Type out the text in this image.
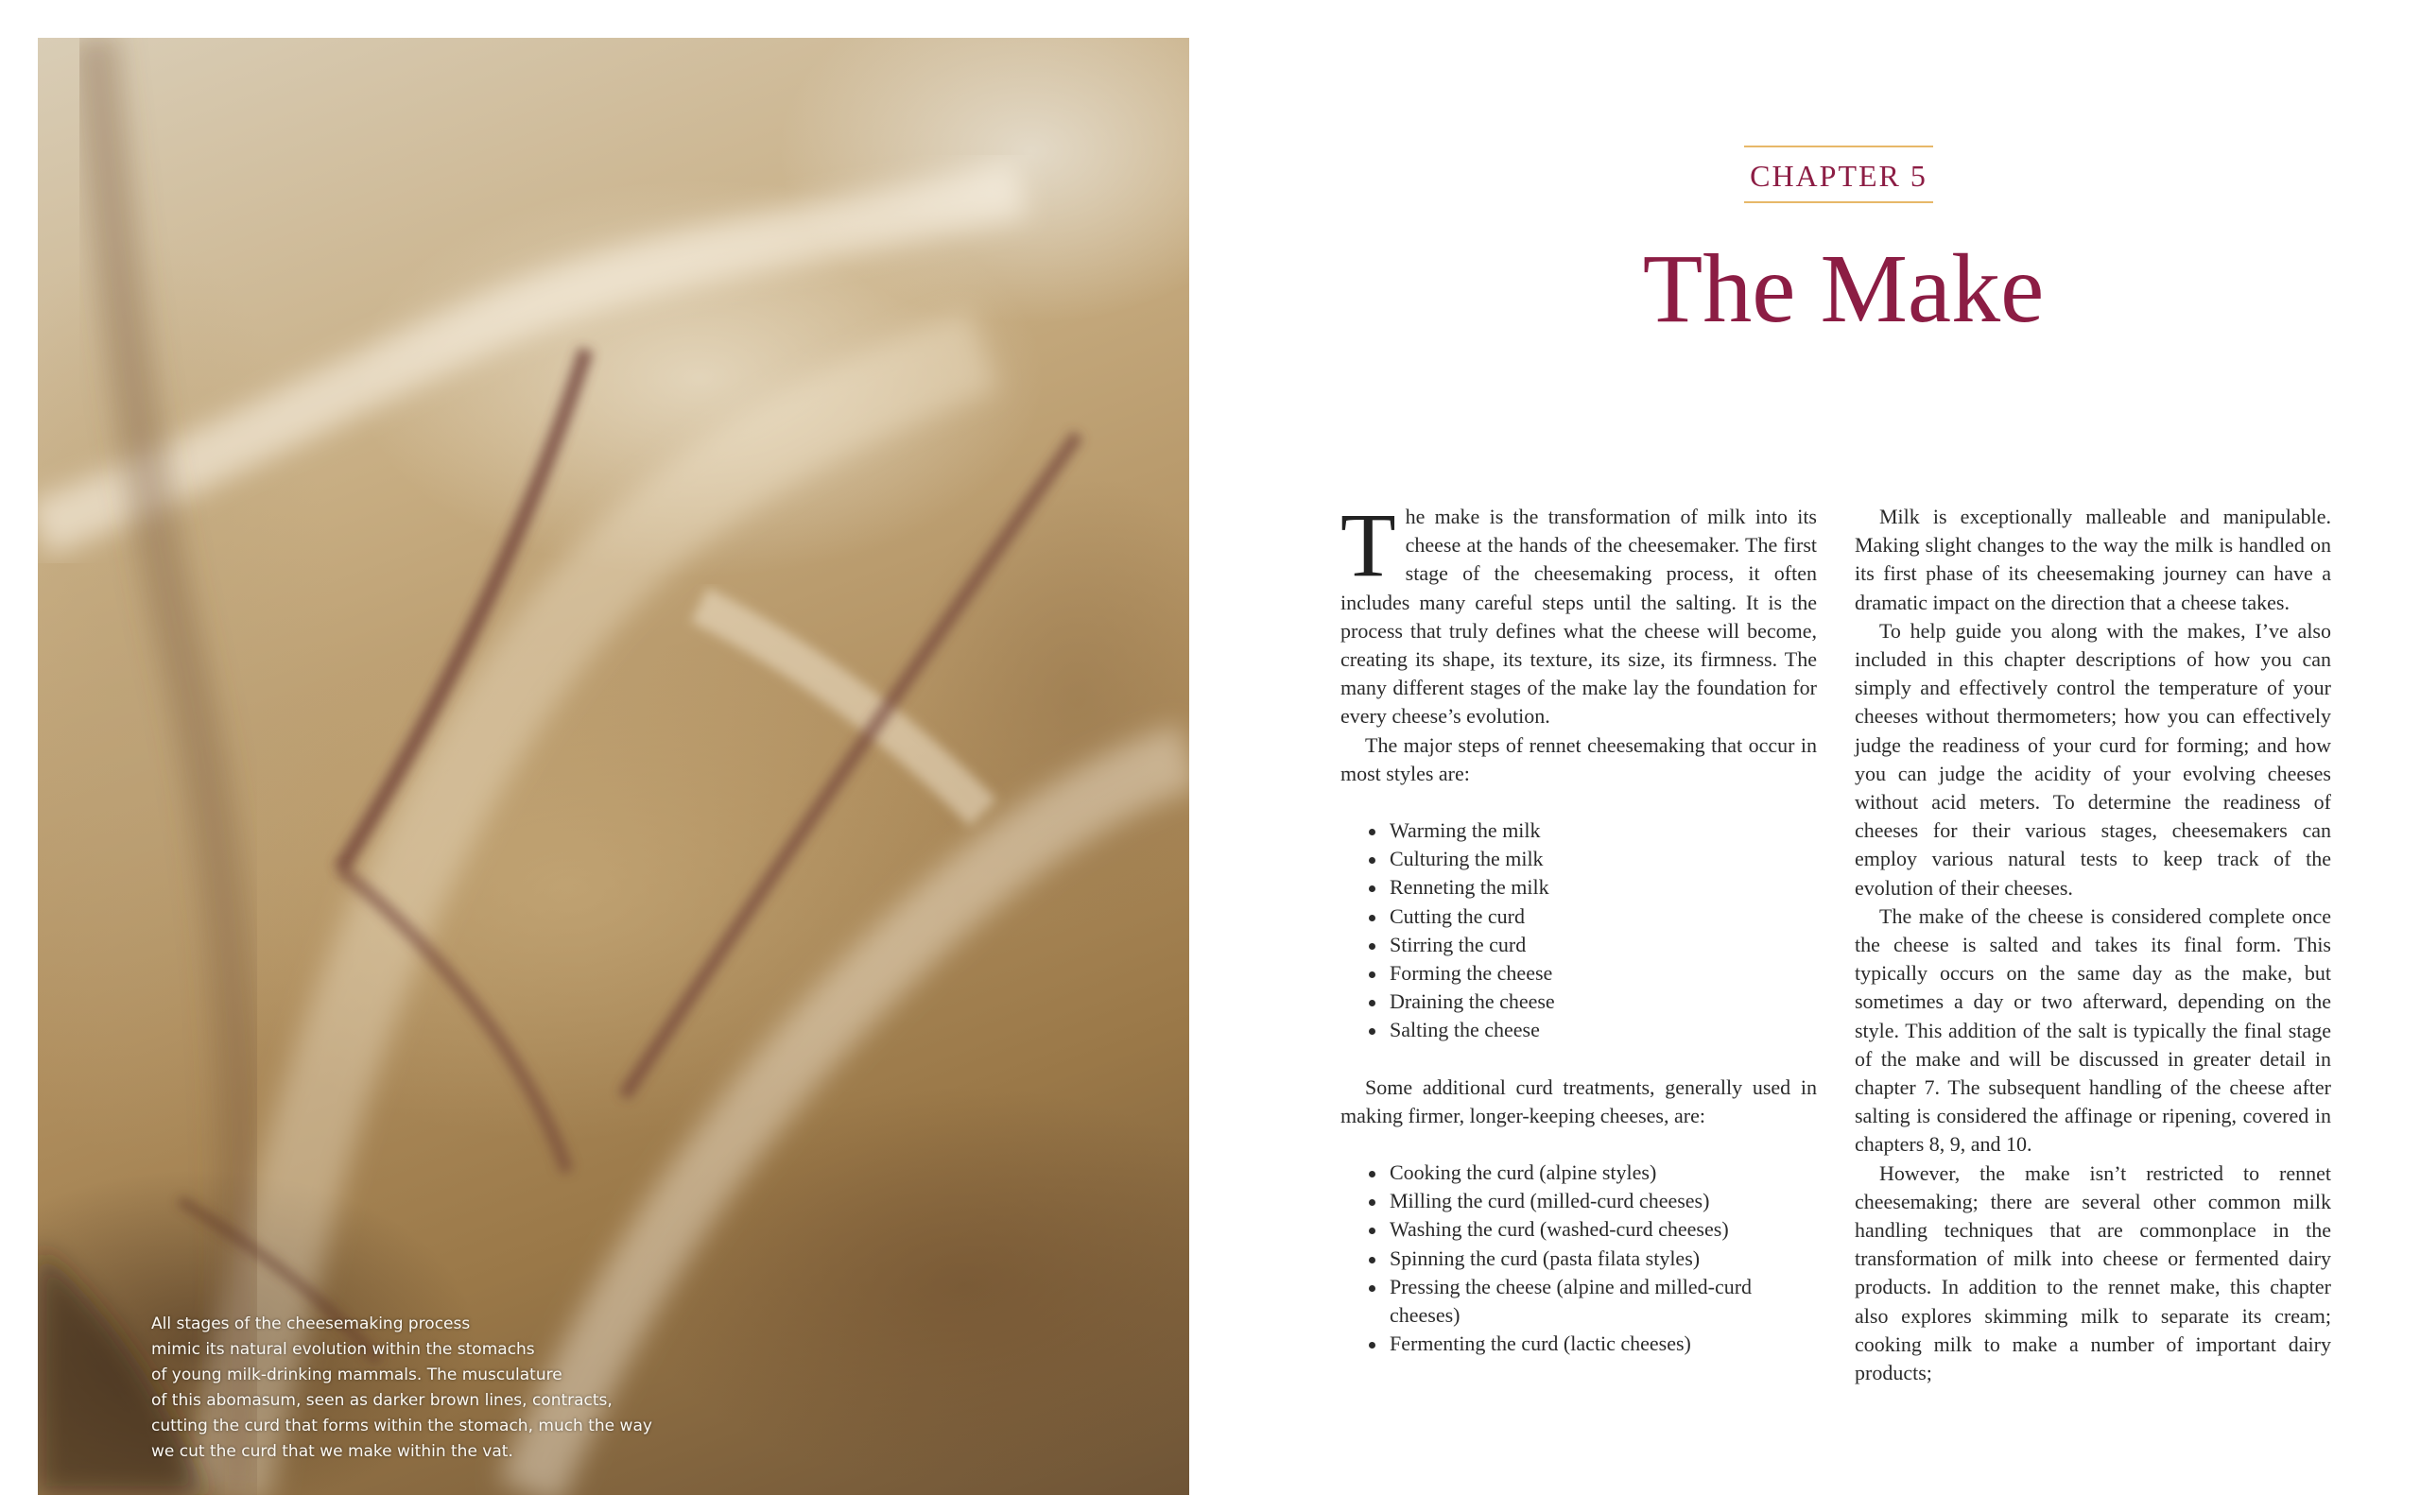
All stages of the cheesemaking process
mimic its natural evolution within the stomachs
of young milk-drinking mammals. The musculature
of this abomasum, seen as darker brown lines, contracts,
cutting the curd that forms within the stomach, much the way
we cut the curd that we make within the vat.
CHAPTER 5
The Make

The make is the transformation of milk into its cheese at the hands of the cheesemaker. The first stage of the cheesemaking process, it often includes many careful steps until the salting. It is the process that truly defines what the cheese will become, creating its shape, its texture, its size, its firmness. The many different stages of the make lay the foundation for every cheese’s evolution.

The major steps of rennet cheesemaking that occur in most styles are:

Warming the milk
Culturing the milk
Renneting the milk
Cutting the curd
Stirring the curd
Forming the cheese
Draining the cheese
Salting the cheese

Some additional curd treatments, generally used in making firmer, longer-keeping cheeses, are:

Cooking the curd (alpine styles)
Milling the curd (milled-curd cheeses)
Washing the curd (washed-curd cheeses)
Spinning the curd (pasta filata styles)
Pressing the cheese (alpine and milled-curd cheeses)
Fermenting the curd (lactic cheeses)

Milk is exceptionally malleable and manipulable. Making slight changes to the way the milk is handled on its first phase of its cheesemaking journey can have a dramatic impact on the direction that a cheese takes.

To help guide you along with the makes, I’ve also included in this chapter descriptions of how you can simply and effectively control the temperature of your cheeses without thermometers; how you can effectively judge the readiness of your curd for forming; and how you can judge the acidity of your evolving cheeses without acid meters. To determine the readiness of cheeses for their various stages, cheesemakers can employ various natural tests to keep track of the evolution of their cheeses.

The make of the cheese is considered complete once the cheese is salted and takes its final form. This typically occurs on the same day as the make, but sometimes a day or two afterward, depending on the style. This addition of the salt is typically the final stage of the make and will be discussed in greater detail in chapter 7. The subsequent handling of the cheese after salting is considered the affinage or ripening, covered in chapters 8, 9, and 10.

However, the make isn’t restricted to rennet cheesemaking; there are several other common milk handling techniques that are commonplace in the transformation of milk into cheese or fermented dairy products. In addition to the rennet make, this chapter also explores skimming milk to separate its cream; cooking milk to make a number of important dairy products;
